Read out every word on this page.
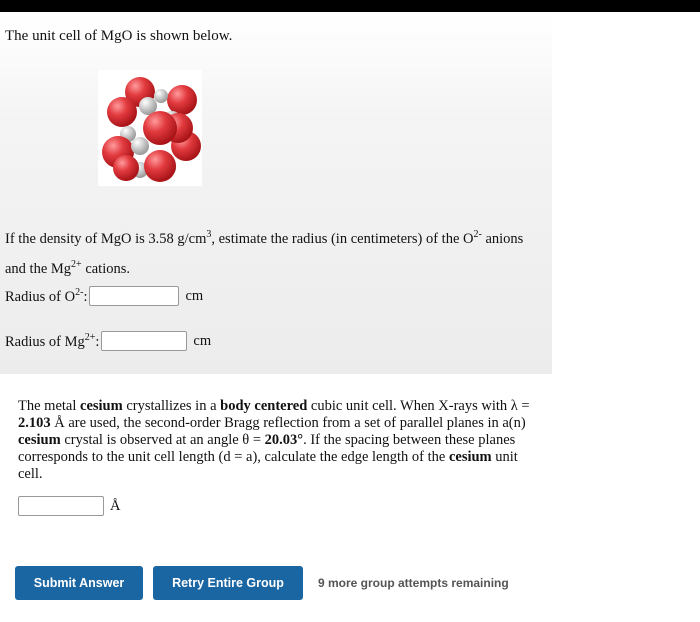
The unit cell of MgO is shown below.
If the density of MgO is 3.58 $g/cm^3$, estimate the radius (in centimeters) of the $O^{2-}$ anions and the $Mg^{2+}$ cations.
Radius of $O^{2-}$:	cm
Radius of $Mg^{2+}$:	cm
The metal cesium crystallizes in a body centered cubic unit cell. When X-rays with λ = 2.103 Å are used, the second-order Bragg reflection from a set of parallel planes in a(n) cesium crystal is observed at an angle θ = 20.03°. If the spacing between these planes corresponds to the unit cell length (d = a), calculate the edge length of the cesium unit cell.
Å
Submit Answer	Retry Entire Group	9 more group attempts remaining
